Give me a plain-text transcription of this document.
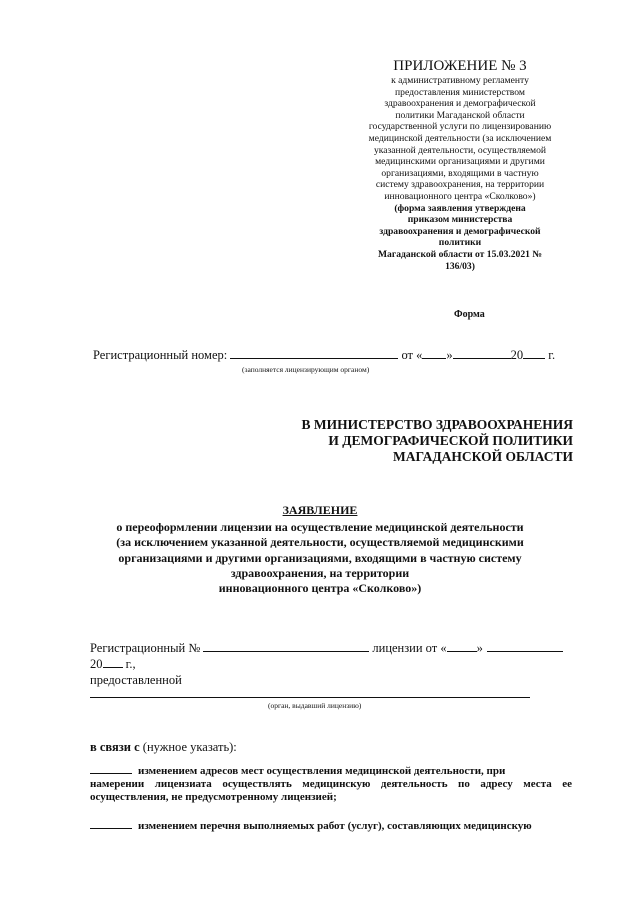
ПРИЛОЖЕНИЕ № 3
к административному регламенту
предоставления министерством
здравоохранения и демографической
политики Магаданской области
государственной услуги по лицензированию
медицинской деятельности (за исключением
указанной деятельности, осуществляемой
медицинскими организациями и другими
организациями, входящими в частную
систему здравоохранения, на территории
инновационного центра «Сколково»)
(форма заявления утверждена
приказом министерства
здравоохранения и демографической
политики
Магаданской области от 15.03.2021 №
136/03)
Форма
Регистрационный номер:	от « »	20 г.
(заполняется лицензирующим органом)
В МИНИСТЕРСТВО ЗДРАВООХРАНЕНИЯ
И ДЕМОГРАФИЧЕСКОЙ ПОЛИТИКИ
МАГАДАНСКОЙ ОБЛАСТИ
ЗАЯВЛЕНИЕ
о переоформлении лицензии на осуществление медицинской деятельности
(за исключением указанной деятельности, осуществляемой медицинскими
организациями и другими организациями, входящими в частную систему
здравоохранения, на территории
инновационного центра «Сколково»)
Регистрационный №	лицензии от « »
20 г.,
предоставленной
(орган, выдавший лицензию)
в связи с (нужное указать):
изменением адресов мест осуществления медицинской деятельности, при
намерении лицензиата осуществлять медицинскую деятельность по адресу места ее осуществления, не предусмотренному лицензией;
изменением перечня выполняемых работ (услуг), составляющих медицинскую
